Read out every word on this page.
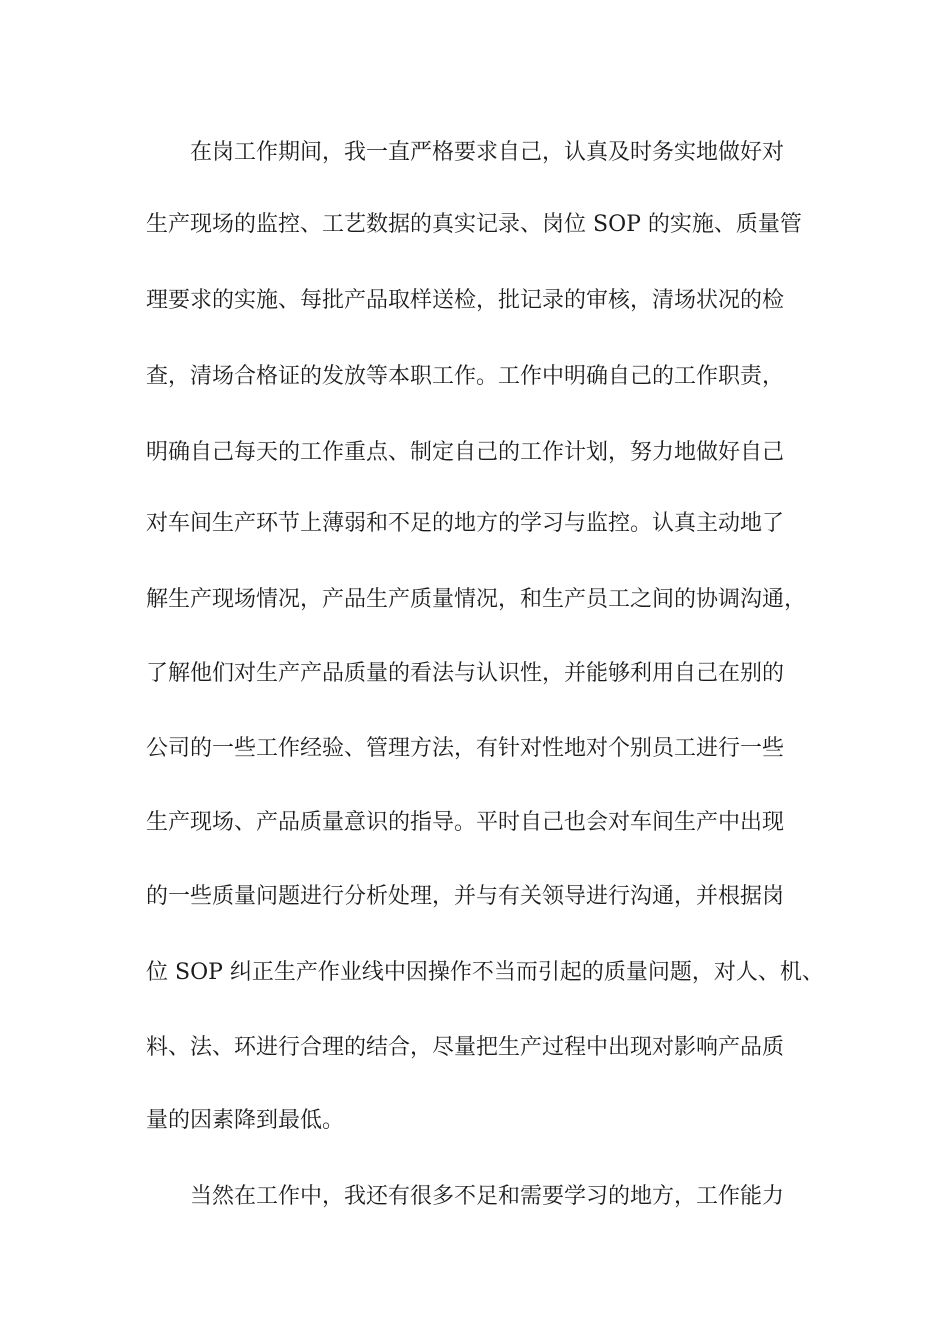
在岗工作期间，我一直严格要求自己，认真及时务实地做好对
生产现场的监控、工艺数据的真实记录、岗位 SOP 的实施、质量管
理要求的实施、每批产品取样送检，批记录的审核，清场状况的检
查，清场合格证的发放等本职工作。工作中明确自己的工作职责，
明确自己每天的工作重点、制定自己的工作计划，努力地做好自己
对车间生产环节上薄弱和不足的地方的学习与监控。认真主动地了
解生产现场情况，产品生产质量情况，和生产员工之间的协调沟通，
了解他们对生产产品质量的看法与认识性，并能够利用自己在别的
公司的一些工作经验、管理方法，有针对性地对个别员工进行一些
生产现场、产品质量意识的指导。平时自己也会对车间生产中出现
的一些质量问题进行分析处理，并与有关领导进行沟通，并根据岗
位 SOP 纠正生产作业线中因操作不当而引起的质量问题，对人、机、
料、法、环进行合理的结合，尽量把生产过程中出现对影响产品质
量的因素降到最低。
当然在工作中，我还有很多不足和需要学习的地方，工作能力
